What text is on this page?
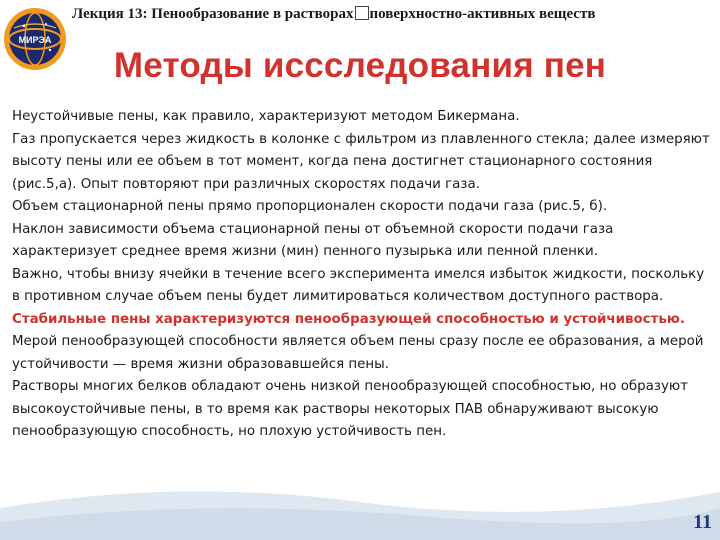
МИРЭА
Лекция 13: Пенообразование в растворах поверхностно-активных веществ
Методы иссследования пен

Неустойчивые пены, как правило, характеризуют методом Бикермана.

Газ пропускается через жидкость в колонке с фильтром из плавленного стекла; далее измеряют высоту пены или ее объем в тот момент, когда пена достигнет стационарного состояния (рис.5,а). Опыт повторяют при различных скоростях подачи газа.

Объем стационарной пены прямо пропорционален скорости подачи газа (рис.5, б).

Наклон зависимости объема стационарной пены от объемной скорости подачи газа характеризует среднее время жизни (мин) пенного пузырька или пенной пленки.

Важно, чтобы внизу ячейки в течение всего эксперимента имелся избыток жидкости, поскольку в противном случае объем пены будет лимитироваться количеством доступного раствора.

Стабильные пены характеризуются пенообразующей способностью и устойчивостью.

Мерой пенообразующей способности является объем пены сразу после ее образования, а мерой устойчивости — время жизни образовавшейся пены.

Растворы многих белков обладают очень низкой пенообразующей способностью, но образуют высокоустойчивые пены, в то время как растворы некоторых ПАВ обнаруживают высокую пенообразующую способность, но плохую устойчивость пен.

11
